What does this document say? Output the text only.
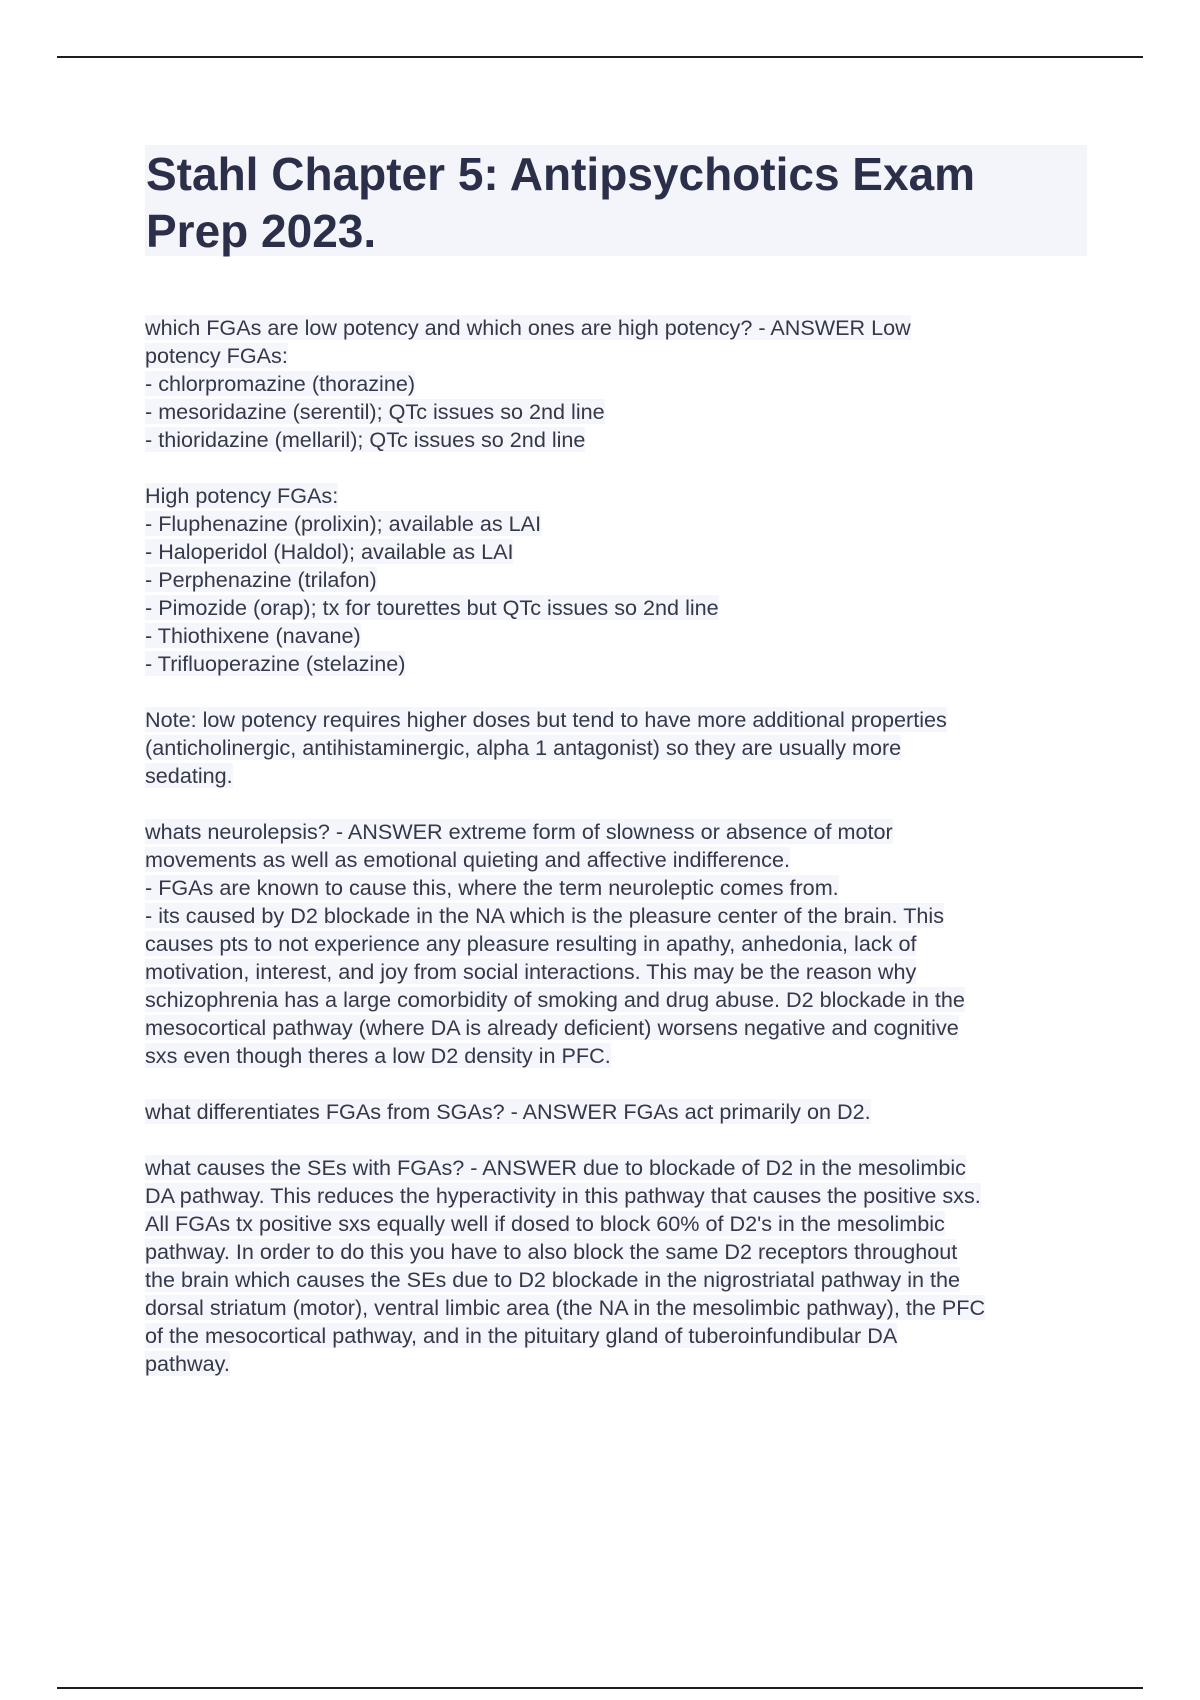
Stahl Chapter 5: Antipsychotics Exam
Prep 2023.

which FGAs are low potency and which ones are high potency? - ANSWER Low
potency FGAs:
- chlorpromazine (thorazine)
- mesoridazine (serentil); QTc issues so 2nd line
- thioridazine (mellaril); QTc issues so 2nd line

High potency FGAs:
- Fluphenazine (prolixin); available as LAI
- Haloperidol (Haldol); available as LAI
- Perphenazine (trilafon)
- Pimozide (orap); tx for tourettes but QTc issues so 2nd line
- Thiothixene (navane)
- Trifluoperazine (stelazine)

Note: low potency requires higher doses but tend to have more additional properties
(anticholinergic, antihistaminergic, alpha 1 antagonist) so they are usually more
sedating.

whats neurolepsis? - ANSWER extreme form of slowness or absence of motor
movements as well as emotional quieting and affective indifference.
- FGAs are known to cause this, where the term neuroleptic comes from.
- its caused by D2 blockade in the NA which is the pleasure center of the brain. This
causes pts to not experience any pleasure resulting in apathy, anhedonia, lack of
motivation, interest, and joy from social interactions. This may be the reason why
schizophrenia has a large comorbidity of smoking and drug abuse. D2 blockade in the
mesocortical pathway (where DA is already deficient) worsens negative and cognitive
sxs even though theres a low D2 density in PFC.

what differentiates FGAs from SGAs? - ANSWER FGAs act primarily on D2.

what causes the SEs with FGAs? - ANSWER due to blockade of D2 in the mesolimbic
DA pathway. This reduces the hyperactivity in this pathway that causes the positive sxs.
All FGAs tx positive sxs equally well if dosed to block 60% of D2's in the mesolimbic
pathway. In order to do this you have to also block the same D2 receptors throughout
the brain which causes the SEs due to D2 blockade in the nigrostriatal pathway in the
dorsal striatum (motor), ventral limbic area (the NA in the mesolimbic pathway), the PFC
of the mesocortical pathway, and in the pituitary gland of tuberoinfundibular DA
pathway.
